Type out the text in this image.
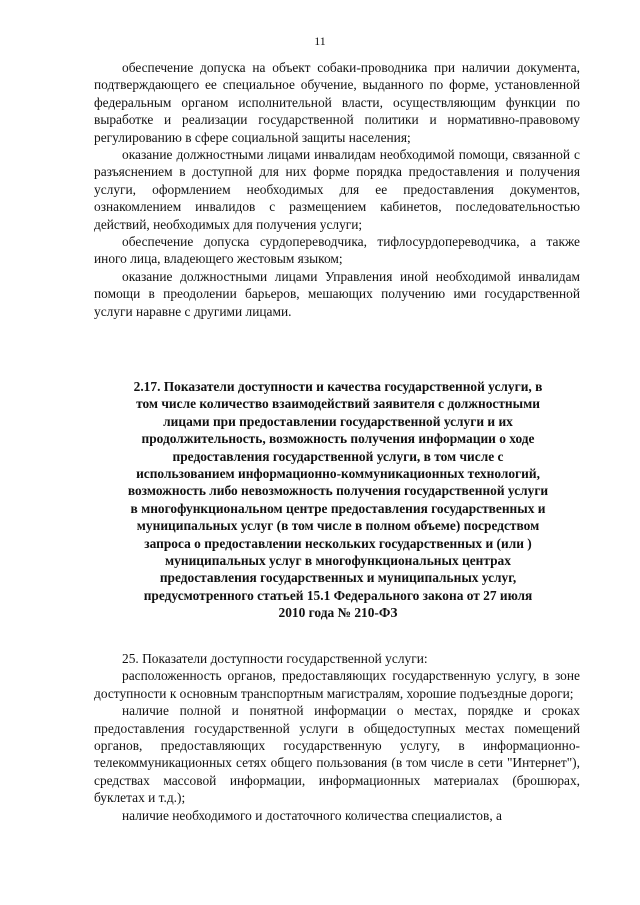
11

обеспечение допуска на объект собаки-проводника при наличии документа, подтверждающего ее специальное обучение, выданного по форме, установленной федеральным органом исполнительной власти, осуществляющим функции по выработке и реализации государственной политики и нормативно-правовому регулированию в сфере социальной защиты населения;

оказание должностными лицами инвалидам необходимой помощи, связанной с разъяснением в доступной для них форме порядка предоставления и получения услуги, оформлением необходимых для ее предоставления документов, ознакомлением инвалидов с размещением кабинетов, последовательностью действий, необходимых для получения услуги;

обеспечение допуска сурдопереводчика, тифлосурдопереводчика, а также иного лица, владеющего жестовым языком;

оказание должностными лицами Управления иной необходимой инвалидам помощи в преодолении барьеров, мешающих получению ими государственной услуги наравне с другими лицами.

2.17. Показатели доступности и качества государственной услуги, в
том числе количество взаимодействий заявителя с должностными
лицами при предоставлении государственной услуги и их
продолжительность, возможность получения информации о ходе
предоставления государственной услуги, в том числе с
использованием информационно-коммуникационных технологий,
возможность либо невозможность получения государственной услуги
в многофункциональном центре предоставления государственных и
муниципальных услуг (в том числе в полном объеме) посредством
запроса о предоставлении нескольких государственных и (или )
муниципальных услуг в многофункциональных центрах
предоставления государственных и муниципальных услуг,
предусмотренного статьей 15.1 Федерального закона от 27 июля
2010 года № 210-ФЗ

25. Показатели доступности государственной услуги:

расположенность органов, предоставляющих государственную услугу, в зоне доступности к основным транспортным магистралям, хорошие подъездные дороги;

наличие полной и понятной информации о местах, порядке и сроках предоставления государственной услуги в общедоступных местах помещений органов, предоставляющих государственную услугу, в информационно-телекоммуникационных сетях общего пользования (в том числе в сети "Интернет"), средствах массовой информации, информационных материалах (брошюрах, буклетах и т.д.);

наличие необходимого и достаточного количества специалистов, а
